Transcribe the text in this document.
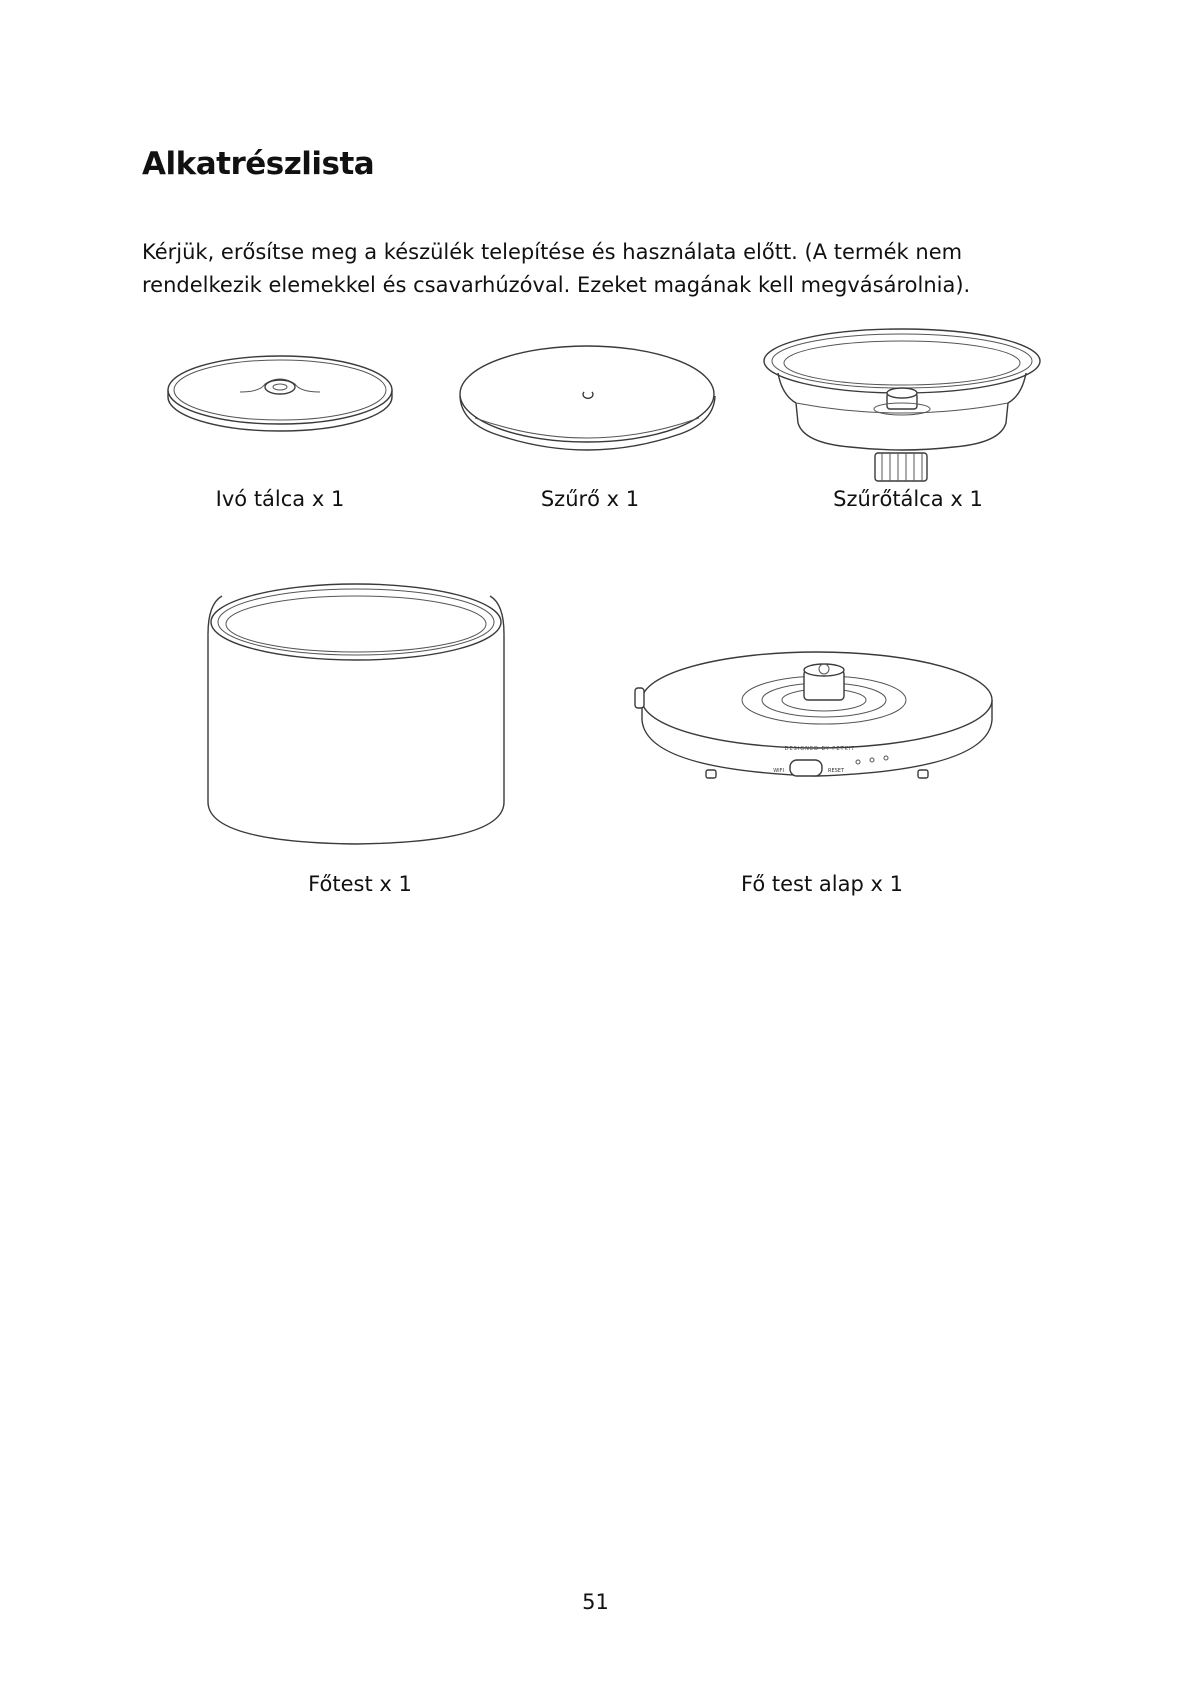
Alkatrészlista

Kérjük, erősítse meg a készülék telepítése és használata előtt. (A termék nem rendelkezik elemekkel és csavarhúzóval. Ezeket magának kell megvásárolnia).

Ivó tálca x 1	Szűrő x 1	Szűrőtálca x 1
Főtest x 1
DESIGNED BY PETKIT
WIFI	RESET
Fő test alap x 1
51
